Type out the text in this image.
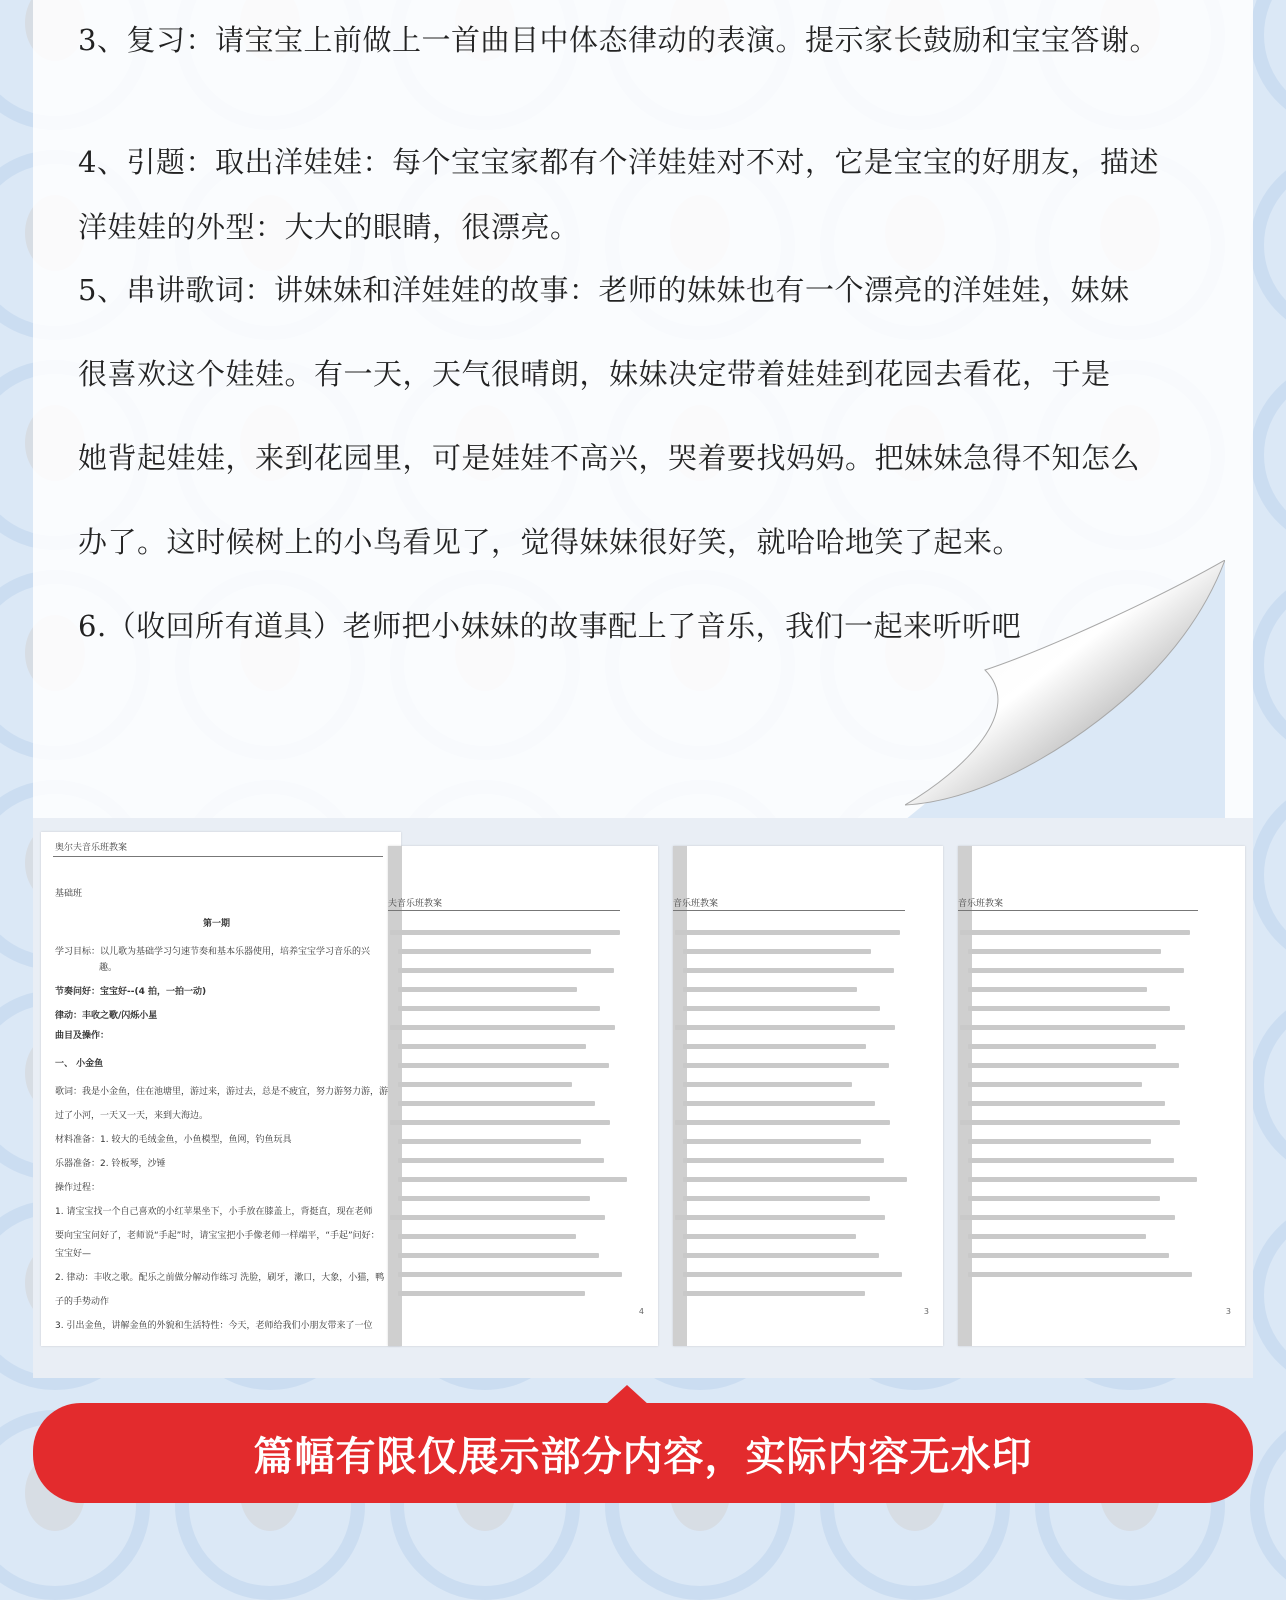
3、复习：请宝宝上前做上一首曲目中体态律动的表演。提示家长鼓励和宝宝答谢。

4、引题：取出洋娃娃：每个宝宝家都有个洋娃娃对不对，它是宝宝的好朋友，描述

洋娃娃的外型：大大的眼睛，很漂亮。

5、串讲歌词：讲妹妹和洋娃娃的故事：老师的妹妹也有一个漂亮的洋娃娃，妹妹

很喜欢这个娃娃。有一天，天气很晴朗，妹妹决定带着娃娃到花园去看花，于是

她背起娃娃，来到花园里，可是娃娃不高兴，哭着要找妈妈。把妹妹急得不知怎么

办了。这时候树上的小鸟看见了，觉得妹妹很好笑，就哈哈地笑了起来。

6.（收回所有道具）老师把小妹妹的故事配上了音乐，我们一起来听听吧

奥尔夫音乐班教案
基础班
第一期
学习目标：以儿歌为基础学习匀速节奏和基本乐器使用，培养宝宝学习音乐的兴
趣。
节奏问好：宝宝好--(4 拍，一拍一动)
律动：丰收之歌/闪烁小星
曲目及操作：
一、 小金鱼
歌词：我是小金鱼，住在池塘里，游过来，游过去，总是不疲宜，努力游努力游，游
过了小河，一天又一天，来到大海边。
材料准备：1. 较大的毛绒金鱼，小鱼模型，鱼网，钓鱼玩具
乐器准备：2. 铃板琴，沙锤
操作过程：
1. 请宝宝找一个自己喜欢的小红苹果坐下，小手放在膝盖上，背挺直，现在老师
要向宝宝问好了，老师说“手起”时，请宝宝把小手像老师一样端平，“手起”问好：
宝宝好—
2. 律动：丰收之歌。配乐之前做分解动作练习 洗脸，刷牙，漱口，大象，小猫，鸭
子的手势动作
3. 引出金鱼，讲解金鱼的外貌和生活特性：今天，老师给我们小朋友带来了一位
夫音乐班教案
4
音乐班教案
3
音乐班教案
3
篇幅有限仅展示部分内容，实际内容无水印
